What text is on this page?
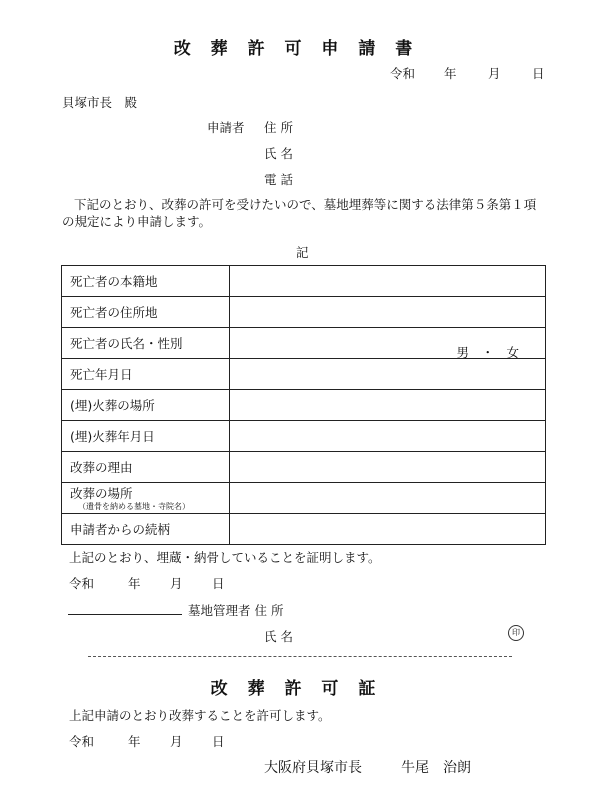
改 葬 許 可 申 請 書
令和 年	月	日
貝塚市長　殿
申請者 住 所
氏 名
電 話
下記のとおり、改葬の許可を受けたいので、墓地埋葬等に関する法律第５条第１項の規定により申請します。
記
死亡者の本籍地	
死亡者の住所地	
死亡者の氏名・性別	男　・　女

死亡年月日	
(埋)火葬の場所	
(埋)火葬年月日	
改葬の理由	
改葬の場所
（遺骨を納める墓地・寺院名）	

申請者からの続柄	
上記のとおり、埋蔵・納骨していることを証明します。
令和	年 月 日
墓地管理者 住 所
氏 名	印
改 葬 許 可 証
上記申請のとおり改葬することを許可します。
令和	年 月 日
大阪府貝塚市長	牛尾　治朗
